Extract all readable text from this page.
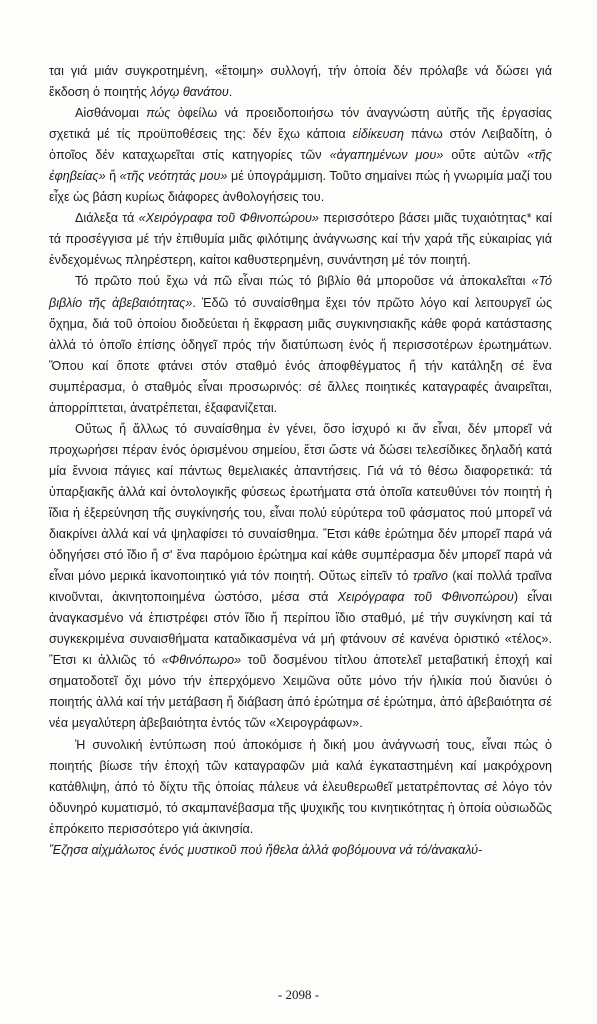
ται γιά μιάν συγκροτημένη, «ἕτοιμη» συλλογή, τήν ὁποία δέν πρόλαβε νά δώσει γιά ἔκδοση ὁ ποιητής λόγῳ θανάτου.

Αἰσθάνομαι πώς ὀφείλω νά προειδοποιήσω τόν ἀναγνώστη αὐτῆς τῆς ἐργασίας σχετικά μέ τίς προϋποθέσεις της: δέν ἔχω κάποια εἰδίκευση πάνω στόν Λειβαδίτη, ὁ ὁποῖος δέν καταχωρεῖται στίς κατηγορίες τῶν «ἀγαπημένων μου» οὔτε αὐτῶν «τῆς ἐφηβείας» ἤ «τῆς νεότητάς μου» μέ ὑπογράμμιση. Τοῦτο σημαίνει πώς ἡ γνωριμία μαζί του εἶχε ὡς βάση κυρίως διάφορες ἀνθολογήσεις του.

Διάλεξα τά «Χειρόγραφα τοῦ Φθινοπώρου» περισσότερο βάσει μιᾶς τυχαιότητας* καί τά προσέγγισα μέ τήν ἐπιθυμία μιᾶς φιλότιμης ἀνάγνωσης καί τήν χαρά τῆς εὐκαιρίας γιά ἐνδεχομένως πληρέστερη, καίτοι καθυστερημένη, συνάντηση μέ τόν ποιητή.

Τό πρῶτο πού ἔχω νά πῶ εἶναι πώς τό βιβλίο θά μποροῦσε νά ἀποκαλεῖται «Τό βιβλίο τῆς ἀβεβαιότητας». Ἐδῶ τό συναίσθημα ἔχει τόν πρῶτο λόγο καί λειτουργεῖ ὡς ὄχημα, διά τοῦ ὁποίου διοδεύεται ἡ ἔκφραση μιᾶς συγκινησιακῆς κάθε φορά κατάστασης ἀλλά τό ὁποῖο ἐπίσης ὁδηγεῖ πρός τήν διατύπωση ἑνός ἤ περισσοτέρων ἐρωτημάτων. Ὅπου καί ὅποτε φτάνει στόν σταθμό ἑνός ἀποφθέγματος ἤ τήν κατάληξη σέ ἕνα συμπέρασμα, ὁ σταθμός εἶναι προσωρινός: σέ ἄλλες ποιητικές καταγραφές ἀναιρεῖται, ἀπορρίπτεται, ἀνατρέπεται, ἐξαφανίζεται.

Οὕτως ἤ ἄλλως τό συναίσθημα ἐν γένει, ὅσο ἰσχυρό κι ἄν εἶναι, δέν μπορεῖ νά προχωρήσει πέραν ἑνός ὁρισμένου σημείου, ἔτσι ὥστε νά δώσει τελεσίδικες δηλαδή κατά μία ἔννοια πάγιες καί πάντως θεμελιακές ἀπαντήσεις. Γιά νά τό θέσω διαφορετικά: τά ὑπαρξιακῆς ἀλλά καί ὀντολογικῆς φύσεως ἐρωτήματα στά ὁποῖα κατευθύνει τόν ποιητή ἡ ἴδια ἡ ἐξερεύνηση τῆς συγκίνησής του, εἶναι πολύ εὐρύτερα τοῦ φάσματος πού μπορεῖ νά διακρίνει ἀλλά καί νά ψηλαφίσει τό συναίσθημα. Ἔτσι κάθε ἐρώτημα δέν μπορεῖ παρά νά ὁδηγήσει στό ἴδιο ἤ σ' ἕνα παρόμοιο ἐρώτημα καί κάθε συμπέρασμα δέν μπορεῖ παρά νά εἶναι μόνο μερικά ἱκανοποιητικό γιά τόν ποιητή. Οὕτως εἰπεῖν τό τραῖνο (καί πολλά τραῖνα κινοῦνται, ἀκινητοποιημένα ὡστόσο, μέσα στά Χειρόγραφα τοῦ Φθινοπώρου) εἶναι ἀναγκασμένο νά ἐπιστρέφει στόν ἴδιο ἤ περίπου ἴδιο σταθμό, μέ τήν συγκίνηση καί τά συγκεκριμένα συναισθήματα καταδικασμένα νά μή φτάνουν σέ κανένα ὁριστικό «τέλος». Ἔτσι κι ἀλλιῶς τό «Φθινόπωρο» τοῦ δοσμένου τίτλου ἀποτελεῖ μεταβατική ἐποχή καί σηματοδοτεῖ ὄχι μόνο τήν ἐπερχόμενο Χειμῶνα οὔτε μόνο τήν ἡλικία πού διανύει ὁ ποιητής ἀλλά καί τήν μετάβαση ἤ διάβαση ἀπό ἐρώτημα σέ ἐρώτημα, ἀπό ἀβεβαιότητα σέ νέα μεγαλύτερη ἀβεβαιότητα ἐντός τῶν «Χειρογράφων».

Ἡ συνολική ἐντύπωση πού ἀποκόμισε ἡ δική μου ἀνάγνωσή τους, εἶναι πώς ὁ ποιητής βίωσε τήν ἐποχή τῶν καταγραφῶν μιά καλά ἐγκαταστημένη καί μακρόχρονη κατάθλιψη, ἀπό τό δίχτυ τῆς ὁποίας πάλευε νά ἐλευθερωθεῖ μετατρέποντας σέ λόγο τόν ὀδυνηρό κυματισμό, τό σκαμπανέβασμα τῆς ψυχικῆς του κινητικότητας ἡ ὁποία οὐσιωδῶς ἐπρόκειτο περισσότερο γιά ἀκινησία.

Ἔζησα αἰχμάλωτος ἑνός μυστικοῦ πού ἤθελα ἀλλά φοβόμουνα νά τό/ἀνακαλύ-

- 2098 -
